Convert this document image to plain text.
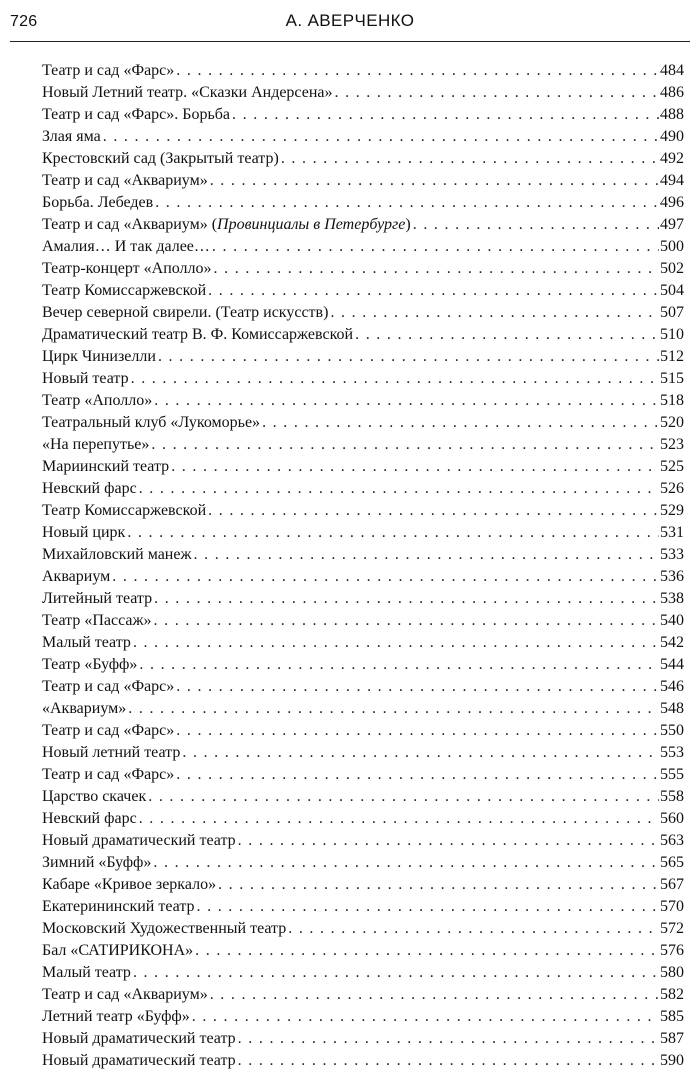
726	А. АВЕРЧЕНКО
Театр и сад «Фарс» . . .	484
Новый Летний театр. «Сказки Андерсена» . . .	486
Театр и сад «Фарс». Борьба . . .	488
Злая яма . . .	490
Крестовский сад (Закрытый театр) . . .	492
Театр и сад «Аквариум» . . .	494
Борьба. Лебедев . . .	496
Театр и сад «Аквариум» (Провинциалы в Петербурге) . . .	497
Амалия… И так далее… . . .	500
Театр-концерт «Аполло» . . .	502
Театр Комиссаржевской . . .	504
Вечер северной свирели. (Театр искусств) . . .	507
Драматический театр В. Ф. Комиссаржевской . . .	510
Цирк Чинизелли . . .	512
Новый театр . . .	515
Театр «Аполло» . . .	518
Театральный клуб «Лукоморье» . . .	520
«На перепутье» . . .	523
Мариинский театр . . .	525
Невский фарс . . .	526
Театр Комиссаржевской . . .	529
Новый цирк . . .	531
Михайловский манеж . . .	533
Аквариум . . .	536
Литейный театр . . .	538
Театр «Пассаж» . . .	540
Малый театр . . .	542
Театр «Буфф» . . .	544
Театр и сад «Фарс» . . .	546
«Аквариум» . . .	548
Театр и сад «Фарс» . . .	550
Новый летний театр . . .	553
Театр и сад «Фарс» . . .	555
Царство скачек . . .	558
Невский фарс . . .	560
Новый драматический театр . . .	563
Зимний «Буфф» . . .	565
Кабаре «Кривое зеркало» . . .	567
Екатерининский театр . . .	570
Московский Художественный театр . . .	572
Бал «САТИРИКОНА» . . .	576
Малый театр . . .	580
Театр и сад «Аквариум» . . .	582
Летний театр «Буфф» . . .	585
Новый драматический театр . . .	587
Новый драматический театр . . .	590
